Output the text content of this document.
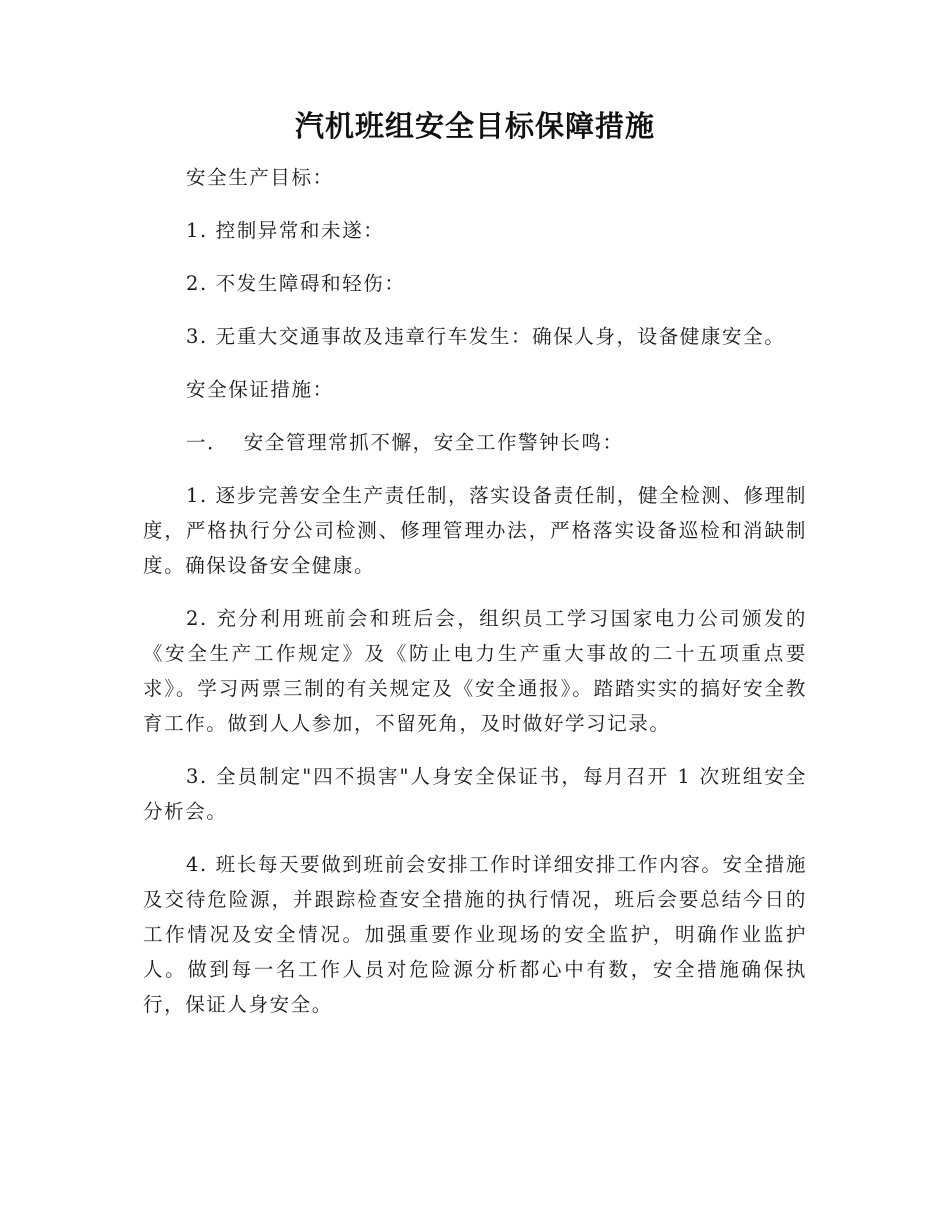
汽机班组安全目标保障措施

安全生产目标：

1. 控制异常和未遂：

2. 不发生障碍和轻伤：

3. 无重大交通事故及违章行车发生：确保人身，设备健康安全。

安全保证措施：

一．  安全管理常抓不懈，安全工作警钟长鸣：

1. 逐步完善安全生产责任制，落实设备责任制，健全检测、修理制度，严格执行分公司检测、修理管理办法，严格落实设备巡检和消缺制度。确保设备安全健康。

2. 充分利用班前会和班后会，组织员工学习国家电力公司颁发的《安全生产工作规定》及《防止电力生产重大事故的二十五项重点要求》。学习两票三制的有关规定及《安全通报》。踏踏实实的搞好安全教育工作。做到人人参加，不留死角，及时做好学习记录。

3. 全员制定"四不损害"人身安全保证书，每月召开 1 次班组安全分析会。

4. 班长每天要做到班前会安排工作时详细安排工作内容。安全措施及交待危险源，并跟踪检查安全措施的执行情况，班后会要总结今日的工作情况及安全情况。加强重要作业现场的安全监护，明确作业监护人。做到每一名工作人员对危险源分析都心中有数，安全措施确保执行，保证人身安全。
